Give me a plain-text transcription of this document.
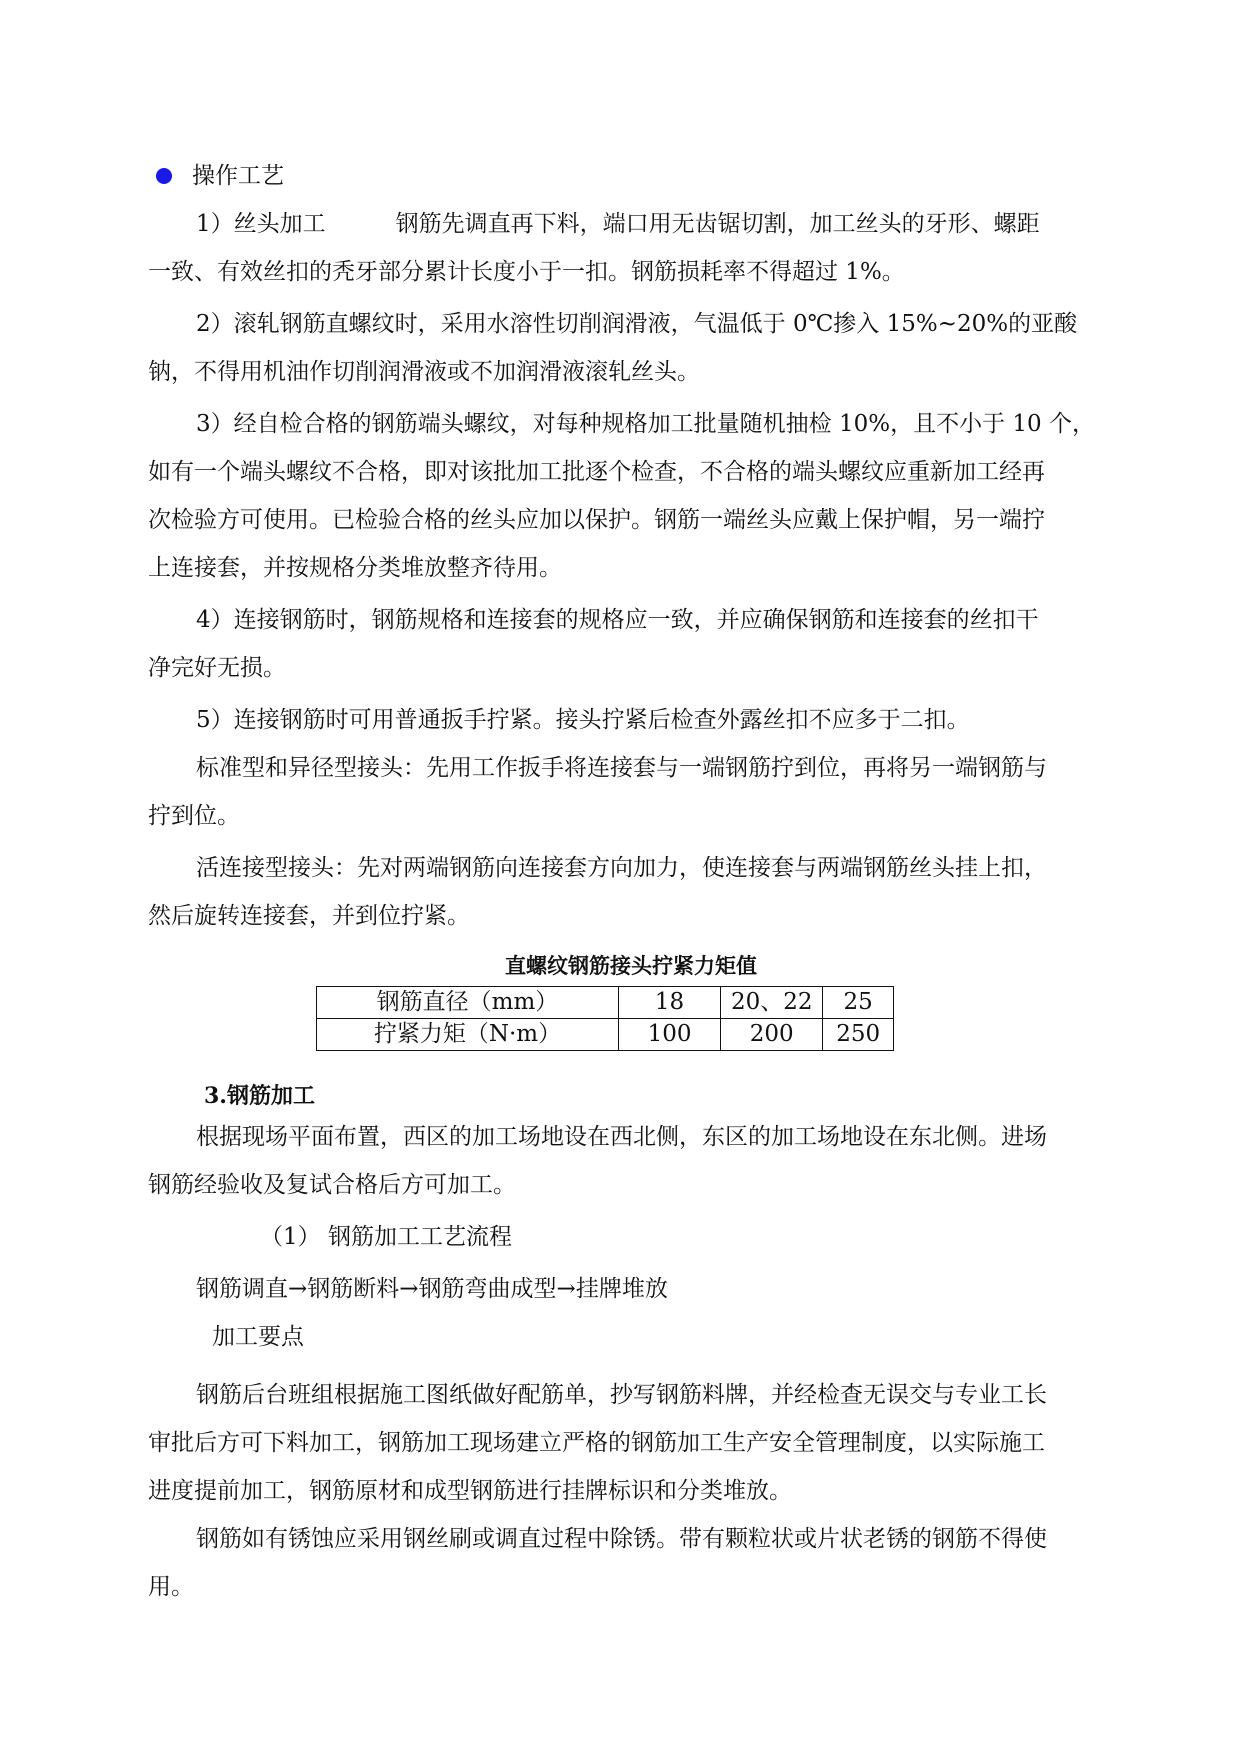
操作工艺
1）丝头加工	钢筋先调直再下料，端口用无齿锯切割，加工丝头的牙形、螺距
一致、有效丝扣的秃牙部分累计长度小于一扣。钢筋损耗率不得超过 1%。
2）滚轧钢筋直螺纹时，采用水溶性切削润滑液，气温低于 0℃掺入 15%~20%的亚酸
钠，不得用机油作切削润滑液或不加润滑液滚轧丝头。
3）经自检合格的钢筋端头螺纹，对每种规格加工批量随机抽检 10%，且不小于 10 个，
如有一个端头螺纹不合格，即对该批加工批逐个检查，不合格的端头螺纹应重新加工经再
次检验方可使用。已检验合格的丝头应加以保护。钢筋一端丝头应戴上保护帽，另一端拧
上连接套，并按规格分类堆放整齐待用。
4）连接钢筋时，钢筋规格和连接套的规格应一致，并应确保钢筋和连接套的丝扣干
净完好无损。
5）连接钢筋时可用普通扳手拧紧。接头拧紧后检查外露丝扣不应多于二扣。
标准型和异径型接头：先用工作扳手将连接套与一端钢筋拧到位，再将另一端钢筋与
拧到位。
活连接型接头：先对两端钢筋向连接套方向加力，使连接套与两端钢筋丝头挂上扣，
然后旋转连接套，并到位拧紧。
直螺纹钢筋接头拧紧力矩值
钢筋直径（mm）	18	20、22	25
拧紧力矩（N·m）	100	200	250
3.钢筋加工
根据现场平面布置，西区的加工场地设在西北侧，东区的加工场地设在东北侧。进场
钢筋经验收及复试合格后方可加工。
（1） 钢筋加工工艺流程
钢筋调直→钢筋断料→钢筋弯曲成型→挂牌堆放
加工要点
钢筋后台班组根据施工图纸做好配筋单，抄写钢筋料牌，并经检查无误交与专业工长
审批后方可下料加工，钢筋加工现场建立严格的钢筋加工生产安全管理制度，以实际施工
进度提前加工，钢筋原材和成型钢筋进行挂牌标识和分类堆放。
钢筋如有锈蚀应采用钢丝刷或调直过程中除锈。带有颗粒状或片状老锈的钢筋不得使
用。
